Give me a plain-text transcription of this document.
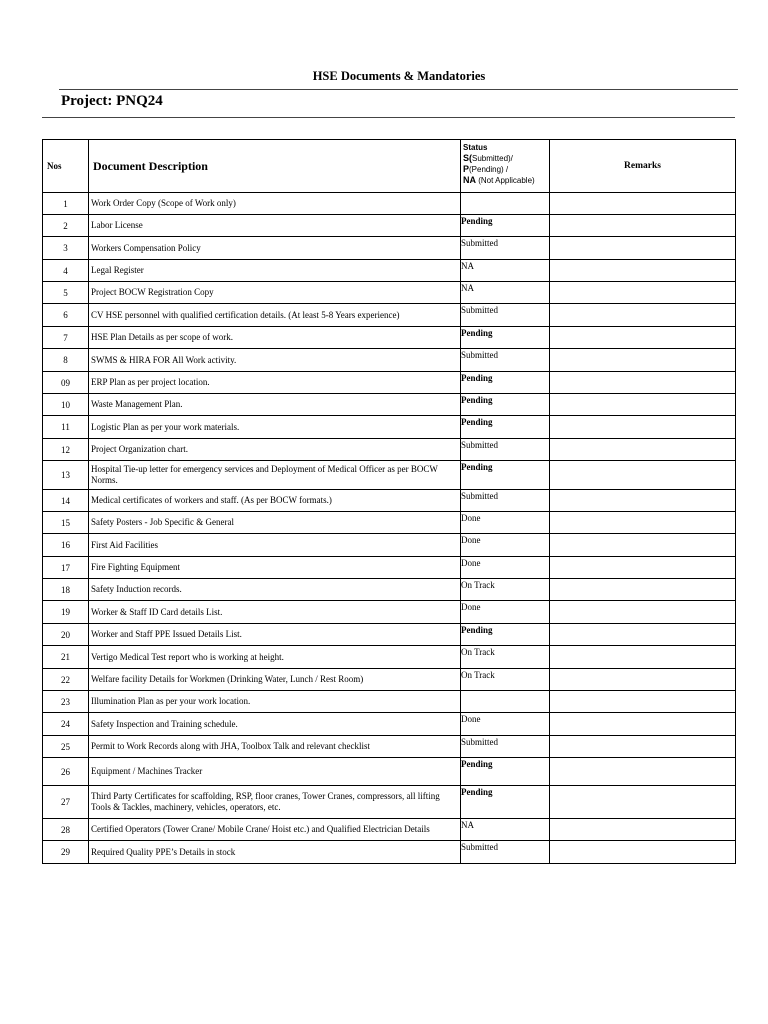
HSE Documents & Mandatories
Project: PNQ24
Nos	Document Description	Status
S(Submitted)/
P(Pending) /
NA (Not Applicable)	Remarks
1	Work Order Copy (Scope of Work only)		
2	Labor License	Pending	
3	Workers Compensation Policy	Submitted	
4	Legal Register	NA	
5	Project BOCW Registration Copy	NA	
6	CV HSE personnel with qualified certification details. (At least 5-8 Years experience)	Submitted	
7	HSE Plan Details as per scope of work.	Pending	
8	SWMS & HIRA FOR All Work activity.	Submitted	
09	ERP Plan as per project location.	Pending	
10	Waste Management Plan.	Pending	
11	Logistic Plan as per your work materials.	Pending	
12	Project Organization chart.	Submitted	
13	Hospital Tie-up letter for emergency services and Deployment of Medical Officer as per BOCW Norms.	Pending	
14	Medical certificates of workers and staff. (As per BOCW formats.)	Submitted	
15	Safety Posters - Job Specific & General	Done	
16	First Aid Facilities	Done	
17	Fire Fighting Equipment	Done	
18	Safety Induction records.	On Track	
19	Worker & Staff ID Card details List.	Done	
20	Worker and Staff PPE Issued Details List.	Pending	
21	Vertigo Medical Test report who is working at height.	On Track	
22	Welfare facility Details for Workmen (Drinking Water, Lunch / Rest Room)	On Track	
23	Illumination Plan as per your work location.		
24	Safety Inspection and Training schedule.	Done	
25	Permit to Work Records along with JHA, Toolbox Talk and relevant checklist	Submitted	
26	Equipment / Machines Tracker	Pending	
27	Third Party Certificates for scaffolding, RSP, floor cranes, Tower Cranes, compressors, all lifting Tools & Tackles, machinery, vehicles, operators, etc.	Pending	
28	Certified Operators (Tower Crane/ Mobile Crane/ Hoist etc.) and Qualified Electrician Details	NA	
29	Required Quality PPE’s Details in stock	Submitted	
